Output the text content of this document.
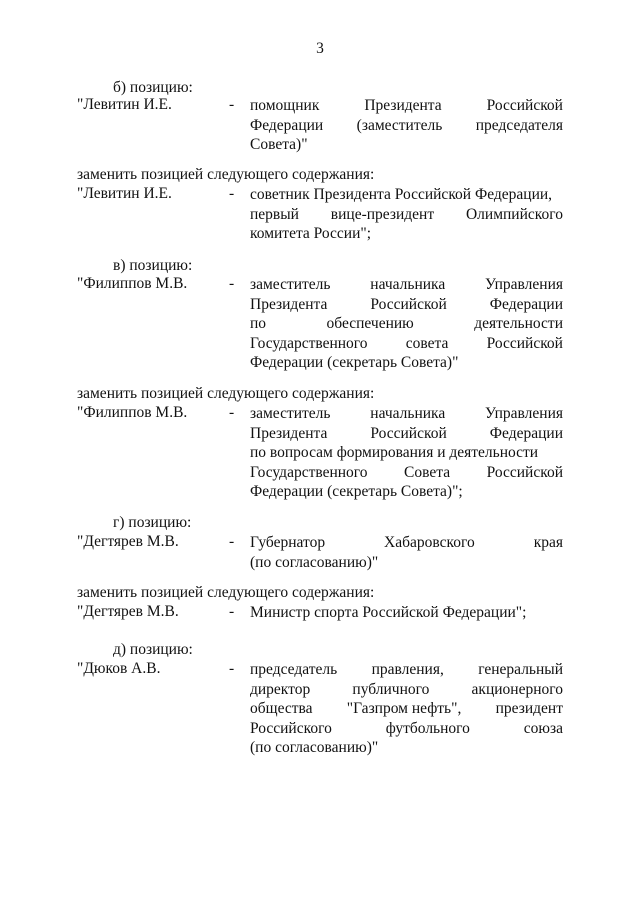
3
б) позицию:
"Левитин И.Е.	- помощник	Президента	Российской
Федерации (заместитель председателя
Совета)"
заменить позицией следующего содержания:
"Левитин И.Е.	- советник Президента Российской Федерации,
первый вице-президент Олимпийского
комитета России";
в) позицию:
"Филиппов М.В.	- заместитель	начальника	Управления
Президента	Российской	Федерации
по	обеспечению	деятельности
Государственного совета Российской
Федерации (секретарь Совета)"
заменить позицией следующего содержания:
"Филиппов М.В.	- заместитель	начальника	Управления
Президента	Российской	Федерации
по вопросам формирования и деятельности
Государственного Совета Российской
Федерации (секретарь Совета)";
г) позицию:
"Дегтярев М.В.	- Губернатор	Хабаровского	края
(по согласованию)"
заменить позицией следующего содержания:
"Дегтярев М.В.	- Министр спорта Российской Федерации";
д) позицию:
"Дюков А.В.	- председатель правления, генеральный
директор	публичного	акционерного
общества "Газпром нефть", президент
Российского	футбольного	союза
(по согласованию)"
